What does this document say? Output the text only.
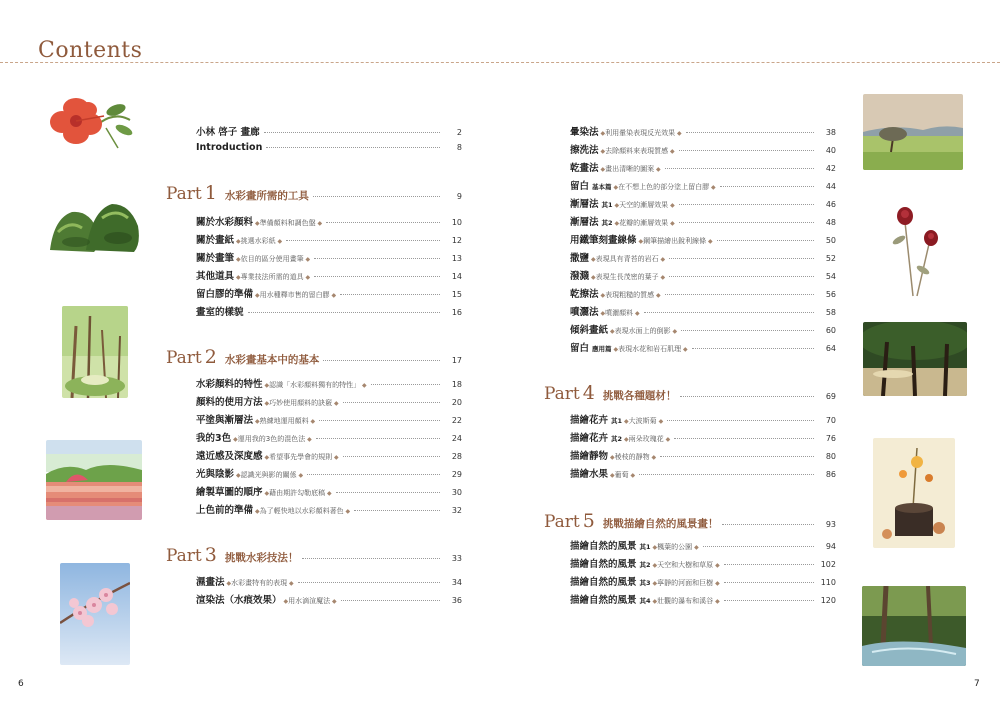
Contents
小林 啓子 畫廊	2
Introduction	8
Part 1 水彩畫所需的工具	9
關於水彩顏料 ◆ 準備顏料和調色盤 ◆	10
關於畫紙 ◆ 挑選水彩紙 ◆	12
關於畫筆 ◆ 依目的區分使用畫筆 ◆	13
其他道具 ◆ 專業技法所需的道具 ◆	14
留白膠的準備 ◆ 用水種釋市售的留白膠 ◆	15
畫室的樣貌	16
Part 2 水彩畫基本中的基本	17
水彩顏料的特性 ◆ 認識「水彩顏料獨有的特性」 ◆	18
顏料的使用方法 ◆ 巧妙使用顏料的訣竅 ◆	20
平塗與漸層法 ◆ 熟練地運用顏料 ◆	22
我的3色 ◆ 運用我的3色的混色法 ◆	24
遠近感及深度感 ◆ 希望事先學會的規則 ◆	28
光與陰影 ◆ 認識光與影的關係 ◆	29
繪製草圖的順序 ◆ 藉由期許勾勒底稿 ◆	30
上色前的準備 ◆ 為了輕快地以水彩顏料著色 ◆	32
Part 3 挑戰水彩技法！	33
濕畫法 ◆ 水彩畫特有的表現 ◆	34
渲染法（水痕效果） ◆ 用水滴渲魔法 ◆	36
暈染法 ◆ 利用暈染表現反光效果 ◆	38
擦洗法 ◆ 去除顏料來表現質感 ◆	40
乾畫法 ◆ 畫出清晰的圖案 ◆	42
留白 基本篇 ◆ 在不想上色的部分塗上留白膠 ◆	44
漸層法 其1 ◆ 天空的漸層效果 ◆	46
漸層法 其2 ◆ 花瓣的漸層效果 ◆	48
用鐵筆刻畫線條 ◆ 鋼筆描繪出銳利線條 ◆	50
撒鹽 ◆ 表現具有青苔的岩石 ◆	52
潑濺 ◆ 表現生長茂密的葉子 ◆	54
乾擦法 ◆ 表現粗糙的質感 ◆	56
噴灑法 ◆ 噴灑顏料 ◆	58
傾斜畫紙 ◆ 表現水面上的倒影 ◆	60
留白 應用篇 ◆ 表現水花和岩石肌理 ◆	64
Part 4 挑戰各種題材！	69
描繪花卉 其1 ◆ 大波斯菊 ◆	70
描繪花卉 其2 ◆ 兩朵玫瑰花 ◆	76
描繪靜物 ◆ 稜枝的靜物 ◆	80
描繪水果 ◆ 葡萄 ◆	86
Part 5 挑戰描繪自然的風景畫！	93
描繪自然的風景 其1 ◆ 楓葉的公園 ◆	94
描繪自然的風景 其2 ◆ 天空和大樹和草原 ◆	102
描繪自然的風景 其3 ◆ 寧靜的河面和巨樹 ◆	110
描繪自然的風景 其4 ◆ 壯觀的瀑布和溪谷 ◆	120
6	7
